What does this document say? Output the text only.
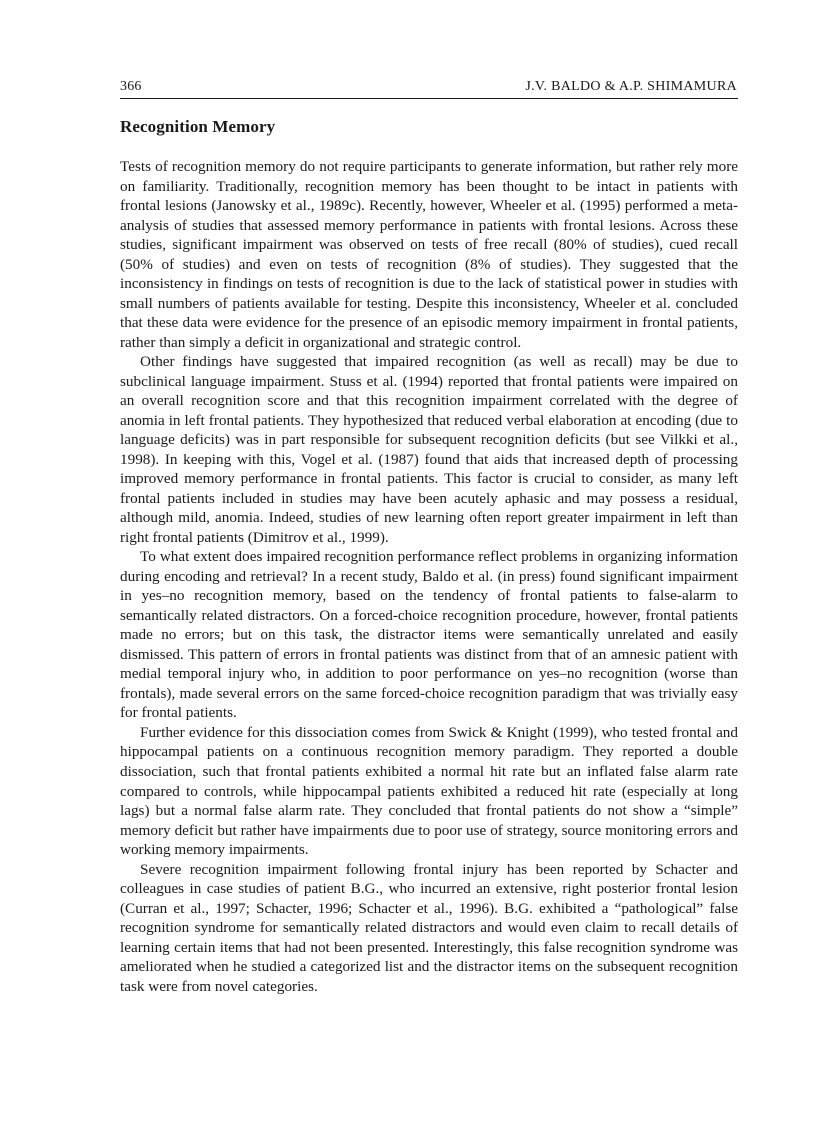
366	J.V. BALDO & A.P. SHIMAMURA
Recognition Memory

Tests of recognition memory do not require participants to generate information, but rather rely more on familiarity. Traditionally, recognition memory has been thought to be intact in patients with frontal lesions (Janowsky et al., 1989c). Recently, however, Wheeler et al. (1995) performed a meta-analysis of studies that assessed memory performance in patients with frontal lesions. Across these studies, significant impairment was observed on tests of free recall (80% of studies), cued recall (50% of studies) and even on tests of recognition (8% of studies). They suggested that the inconsistency in findings on tests of recognition is due to the lack of statistical power in studies with small numbers of patients available for testing. Despite this inconsistency, Wheeler et al. concluded that these data were evidence for the presence of an episodic memory impairment in frontal patients, rather than simply a deficit in organizational and strategic control.

Other findings have suggested that impaired recognition (as well as recall) may be due to subclinical language impairment. Stuss et al. (1994) reported that frontal patients were impaired on an overall recognition score and that this recognition impairment correlated with the degree of anomia in left frontal patients. They hypothesized that reduced verbal elaboration at encoding (due to language deficits) was in part responsible for subsequent recognition deficits (but see Vilkki et al., 1998). In keeping with this, Vogel et al. (1987) found that aids that increased depth of processing improved memory performance in frontal patients. This factor is crucial to consider, as many left frontal patients included in studies may have been acutely aphasic and may possess a residual, although mild, anomia. Indeed, studies of new learning often report greater impairment in left than right frontal patients (Dimitrov et al., 1999).

To what extent does impaired recognition performance reflect problems in organizing information during encoding and retrieval? In a recent study, Baldo et al. (in press) found significant impairment in yes–no recognition memory, based on the tendency of frontal patients to false-alarm to semantically related distractors. On a forced-choice recognition procedure, however, frontal patients made no errors; but on this task, the distractor items were semantically unrelated and easily dismissed. This pattern of errors in frontal patients was distinct from that of an amnesic patient with medial temporal injury who, in addition to poor performance on yes–no recognition (worse than frontals), made several errors on the same forced-choice recognition paradigm that was trivially easy for frontal patients.

Further evidence for this dissociation comes from Swick & Knight (1999), who tested frontal and hippocampal patients on a continuous recognition memory paradigm. They reported a double dissociation, such that frontal patients exhibited a normal hit rate but an inflated false alarm rate compared to controls, while hippocampal patients exhibited a reduced hit rate (especially at long lags) but a normal false alarm rate. They concluded that frontal patients do not show a “simple” memory deficit but rather have impairments due to poor use of strategy, source monitoring errors and working memory impairments.

Severe recognition impairment following frontal injury has been reported by Schacter and colleagues in case studies of patient B.G., who incurred an extensive, right posterior frontal lesion (Curran et al., 1997; Schacter, 1996; Schacter et al., 1996). B.G. exhibited a “pathological” false recognition syndrome for semantically related distractors and would even claim to recall details of learning certain items that had not been presented. Interestingly, this false recognition syndrome was ameliorated when he studied a categorized list and the distractor items on the subsequent recognition task were from novel categories.
